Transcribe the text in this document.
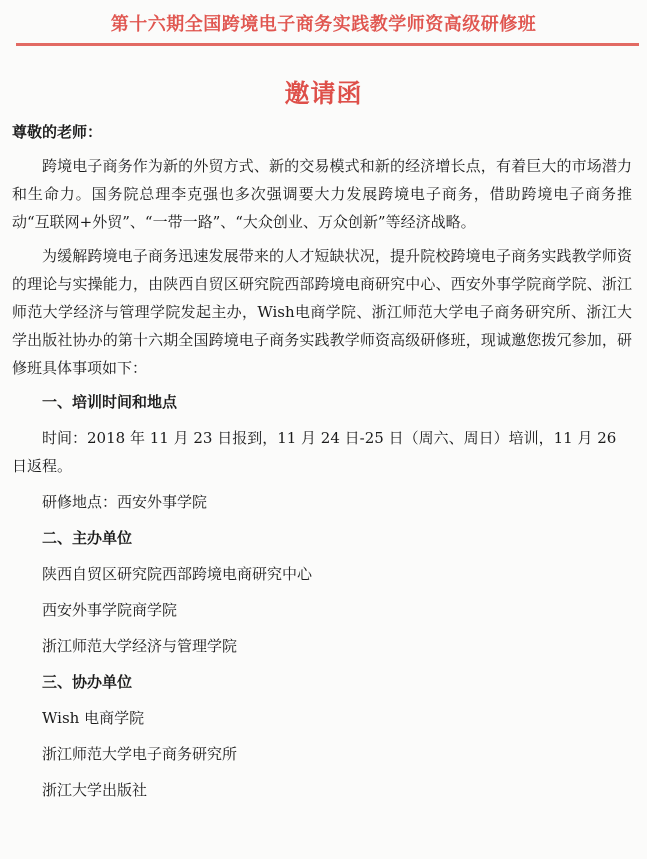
第十六期全国跨境电子商务实践教学师资高级研修班
邀请函
尊敬的老师：

跨境电子商务作为新的外贸方式、新的交易模式和新的经济增长点，有着巨大的市场潜力和生命力。国务院总理李克强也多次强调要大力发展跨境电子商务，借助跨境电子商务推动“互联网+外贸”、“一带一路”、“大众创业、万众创新”等经济战略。

为缓解跨境电子商务迅速发展带来的人才短缺状况，提升院校跨境电子商务实践教学师资的理论与实操能力，由陕西自贸区研究院西部跨境电商研究中心、西安外事学院商学院、浙江师范大学经济与管理学院发起主办，Wish电商学院、浙江师范大学电子商务研究所、浙江大学出版社协办的第十六期全国跨境电子商务实践教学师资高级研修班，现诚邀您拨冗参加，研修班具体事项如下：

一、培训时间和地点
时间：2018 年 11 月 23 日报到，11 月 24 日-25 日（周六、周日）培训，11 月 26 日返程。
研修地点：西安外事学院
二、主办单位
陕西自贸区研究院西部跨境电商研究中心
西安外事学院商学院
浙江师范大学经济与管理学院
三、协办单位
Wish 电商学院
浙江师范大学电子商务研究所
浙江大学出版社
